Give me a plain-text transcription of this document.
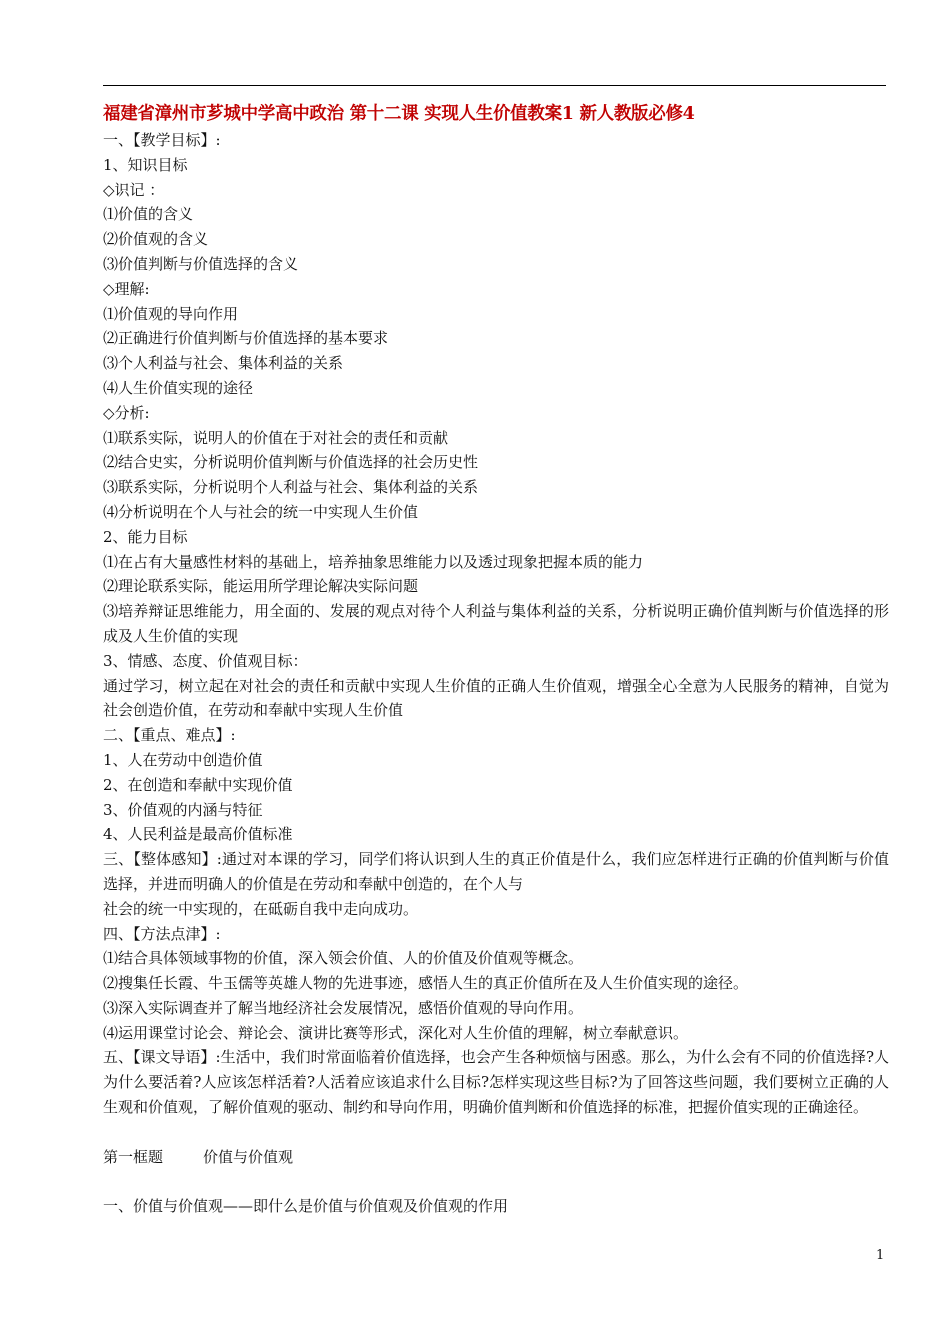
福建省漳州市芗城中学高中政治 第十二课 实现人生价值教案1 新人教版必修4
一、【教学目标】:
1、知识目标
◇识记 ：
⑴价值的含义
⑵价值观的含义
⑶价值判断与价值选择的含义
◇理解:
⑴价值观的导向作用
⑵正确进行价值判断与价值选择的基本要求
⑶个人利益与社会、集体利益的关系
⑷人生价值实现的途径
◇分析:
⑴联系实际，说明人的价值在于对社会的责任和贡献
⑵结合史实，分析说明价值判断与价值选择的社会历史性
⑶联系实际，分析说明个人利益与社会、集体利益的关系
⑷分析说明在个人与社会的统一中实现人生价值
2、能力目标
⑴在占有大量感性材料的基础上，培养抽象思维能力以及透过现象把握本质的能力
⑵理论联系实际，能运用所学理论解决实际问题
⑶培养辩证思维能力，用全面的、发展的观点对待个人利益与集体利益的关系，分析说明正确价值判断与价值选择的形成及人生价值的实现
3、情感、态度、价值观目标：
通过学习，树立起在对社会的责任和贡献中实现人生价值的正确人生价值观，增强全心全意为人民服务的精神，自觉为社会创造价值，在劳动和奉献中实现人生价值
二、【重点、难点】:
1、人在劳动中创造价值
2、在创造和奉献中实现价值
3、价值观的内涵与特征
4、人民利益是最高价值标准
三、【整体感知】:通过对本课的学习，同学们将认识到人生的真正价值是什么，我们应怎样进行正确的价值判断与价值选择，并进而明确人的价值是在劳动和奉献中创造的，在个人与
社会的统一中实现的，在砥砺自我中走向成功。
四、【方法点津】:
⑴结合具体领域事物的价值，深入领会价值、人的价值及价值观等概念。
⑵搜集任长霞、牛玉儒等英雄人物的先进事迹，感悟人生的真正价值所在及人生价值实现的途径。
⑶深入实际调查并了解当地经济社会发展情况，感悟价值观的导向作用。
⑷运用课堂讨论会、辩论会、演讲比赛等形式，深化对人生价值的理解，树立奉献意识。
五、【课文导语】:生活中，我们时常面临着价值选择，也会产生各种烦恼与困惑。那么，为什么会有不同的价值选择?人为什么要活着?人应该怎样活着?人活着应该追求什么目标?怎样实现这些目标?为了回答这些问题，我们要树立正确的人生观和价值观，了解价值观的驱动、制约和导向作用，明确价值判断和价值选择的标准，把握价值实现的正确途径。
第一框题	价值与价值观
一、价值与价值观——即什么是价值与价值观及价值观的作用
1
